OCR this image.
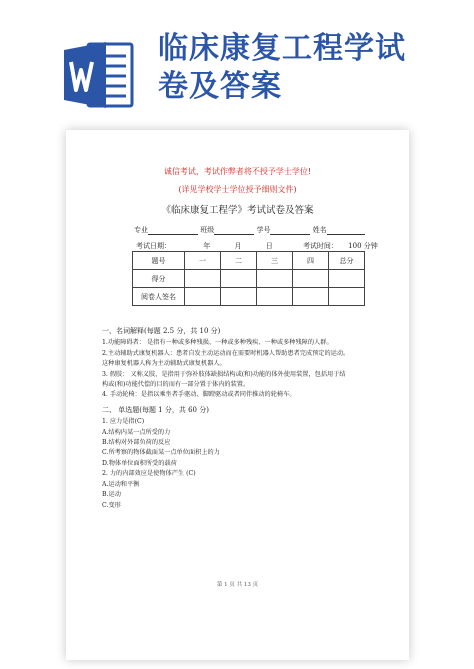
临床康复工程学试
卷及答案
诚信考试，考试作弊者将不授予学士学位!
(详见学校学士学位授予细则文件)
《临床康复工程学》考试试卷及答案
专业	班级	学号	姓名
考试日期：	年	月	日	考试时间： 100 分钟
题号	一	二	三	四	总分
得分					
阅卷人签名					

一、名词解释(每题 2.5 分，共 10 分)

1.功能障碍者： 是指有一种或多种残损、一种或多种残疾、一种或多种残障的人群。

2.主动辅助式康复机器人：患者自发主动运动而在需要时机器人帮助患者完成预定的运动。

这种康复机器人称为主动辅助式康复机器人。

3. 假肢： 又称义肢，是指用于弥补肢体缺损结构或(和)功能的体外使用装置，包括用于结

构或(和)功能代偿的目的而有一部分置于体内的装置。

4. 手动轮椅：是指以乘坐者手驱动、脚蹬驱动或者同伴推动的轮椅车。

二、 单选题(每题 1 分，共 60 分)

1. 应力是指(C)

A.结构内某一点所受的力

B.结构对外部负荷的反应

C.所考察的物体截面某一点单位面积上的力

D.物体单位面积所受的载荷

2. 力的内部效应是使物体产生 (C)

A.运动和平衡

B.运动

C.变形

第 1 页 共 13 页
